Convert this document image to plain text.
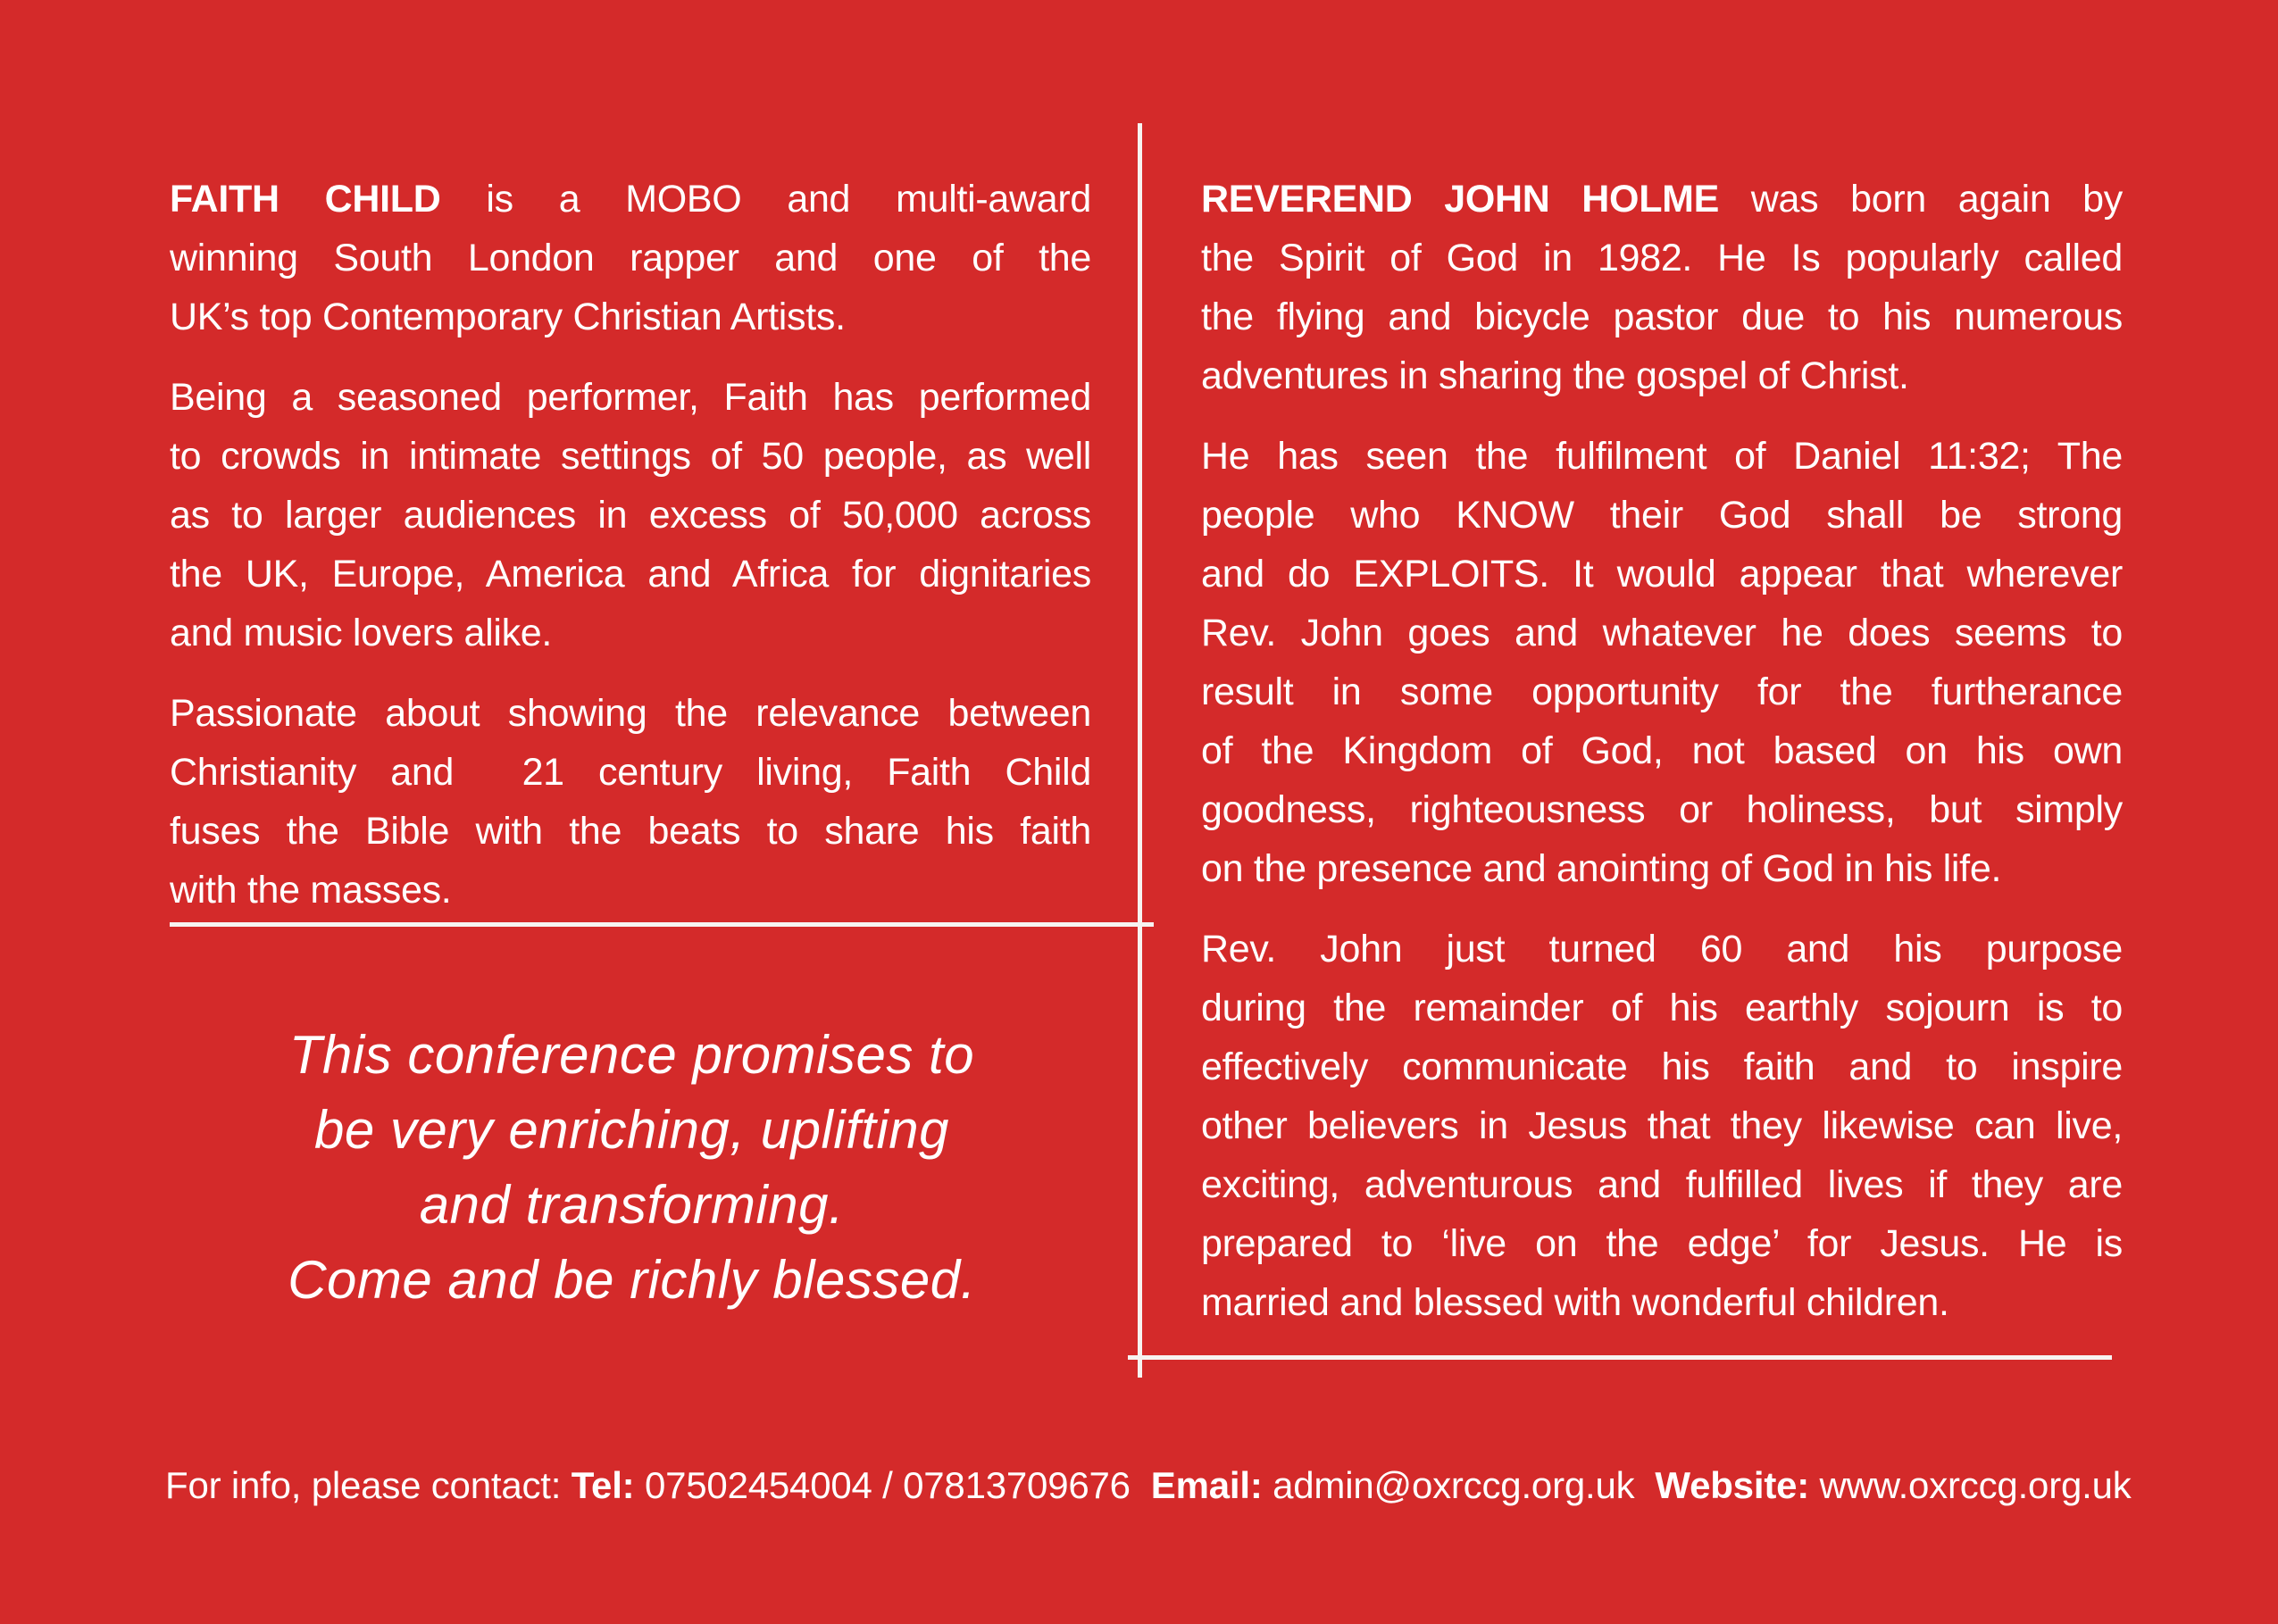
FAITH CHILD is a MOBO and multi-award
winning South London rapper and one of the
UK’s top Contemporary Christian Artists.
Being a seasoned performer, Faith has performed
to crowds in intimate settings of 50 people, as well
as to larger audiences in excess of 50,000 across
the UK, Europe, America and Africa for dignitaries
and music lovers alike.
Passionate about showing the relevance between
Christianity and  21 century living, Faith Child
fuses the Bible with the beats to share his faith
with the masses.
This conference promises to
be very enriching, uplifting
and transforming.
Come and be richly blessed.
REVEREND JOHN HOLME was born again by
the Spirit of God in 1982. He Is popularly called
the flying and bicycle pastor due to his numerous
adventures in sharing the gospel of Christ.
He has seen the fulfilment of Daniel 11:32; The
people who KNOW their God shall be strong
and do EXPLOITS. It would appear that wherever
Rev. John goes and whatever he does seems to
result in some opportunity for the furtherance
of the Kingdom of God, not based on his own
goodness, righteousness or holiness, but simply
on the presence and anointing of God in his life.
Rev. John just turned 60 and his purpose
during the remainder of his earthly sojourn is to
effectively communicate his faith and to inspire
other believers in Jesus that they likewise can live,
exciting, adventurous and fulfilled lives if they are
prepared to ‘live on the edge’ for Jesus. He is
married and blessed with wonderful children.
For info, please contact: Tel: 07502454004 / 07813709676  Email: admin@oxrccg.org.uk  Website: www.oxrccg.org.uk
